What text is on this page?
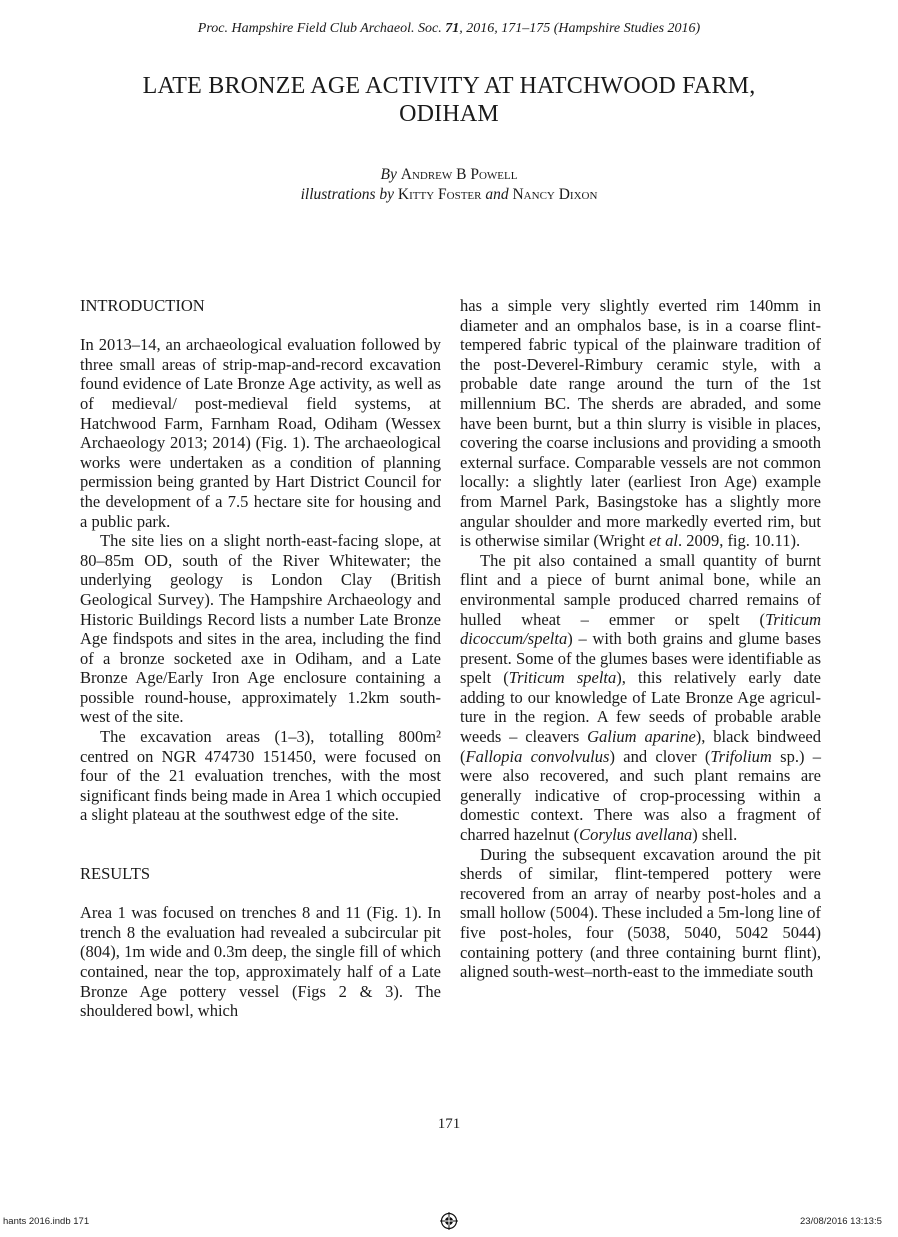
Proc. Hampshire Field Club Archaeol. Soc. 71, 2016, 171–175 (Hampshire Studies 2016)
LATE BRONZE AGE ACTIVITY AT HATCHWOOD FARM,
ODIHAM
By Andrew B Powell
illustrations by Kitty Foster and Nancy Dixon
INTRODUCTION

In 2013–14, an archaeological evaluation followed by three small areas of strip-map-and-record excavation found evidence of Late Bronze Age activity, as well as of medieval/ post-medieval field systems, at Hatchwood Farm, Farnham Road, Odiham (Wessex Archaeology 2013; 2014) (Fig. 1). The archaeological works were undertaken as a condition of planning permission being granted by Hart District Council for the development of a 7.5 hectare site for housing and a public park.

The site lies on a slight north-east-facing slope, at 80–85m OD, south of the River Whitewater; the underlying geology is London Clay (British Geological Survey). The Hampshire Archaeology and Historic Buildings Record lists a number Late Bronze Age findspots and sites in the area, including the find of a bronze socketed axe in Odiham, and a Late Bronze Age/Early Iron Age enclosure containing a possible round-house, approximately 1.2km south-west of the site.

The excavation areas (1–3), totalling 800m² centred on NGR 474730 151450, were focused on four of the 21 evaluation trenches, with the most significant finds being made in Area 1 which occupied a slight plateau at the southwest edge of the site.

RESULTS

Area 1 was focused on trenches 8 and 11 (Fig. 1). In trench 8 the evaluation had revealed a subcircular pit (804), 1m wide and 0.3m deep, the single fill of which contained, near the top, approximately half of a Late Bronze Age pottery vessel (Figs 2 & 3). The shouldered bowl, which

has a simple very slightly everted rim 140mm in diameter and an omphalos base, is in a coarse flint-tempered fabric typical of the plainware tradition of the post-Deverel-Rimbury ceramic style, with a probable date range around the turn of the 1st millennium BC. The sherds are abraded, and some have been burnt, but a thin slurry is visible in places, covering the coarse inclusions and providing a smooth external surface. Comparable vessels are not common locally: a slightly later (earliest Iron Age) example from Marnel Park, Basingstoke has a slightly more angular shoulder and more markedly everted rim, but is otherwise similar (Wright et al. 2009, fig. 10.11).

The pit also contained a small quantity of burnt flint and a piece of burnt animal bone, while an environmental sample produced charred remains of hulled wheat – emmer or spelt (Triticum dicoccum/spelta) – with both grains and glume bases present. Some of the glumes bases were identifiable as spelt (Triticum spelta), this relatively early date adding to our knowledge of Late Bronze Age agriculture in the region. A few seeds of probable arable weeds – cleavers Galium aparine), black bindweed (Fallopia convolvulus) and clover (Trifolium sp.) – were also recovered, and such plant remains are generally indicative of crop-processing within a domestic context. There was also a fragment of charred hazelnut (Corylus avellana) shell.

During the subsequent excavation around the pit sherds of similar, flint-tempered pottery were recovered from an array of nearby post-holes and a small hollow (5004). These included a 5m-long line of five post-holes, four (5038, 5040, 5042 5044) containing pottery (and three containing burnt flint), aligned south-west–north-east to the immediate south

171
hants 2016.indb 171	23/08/2016 13:13:5
